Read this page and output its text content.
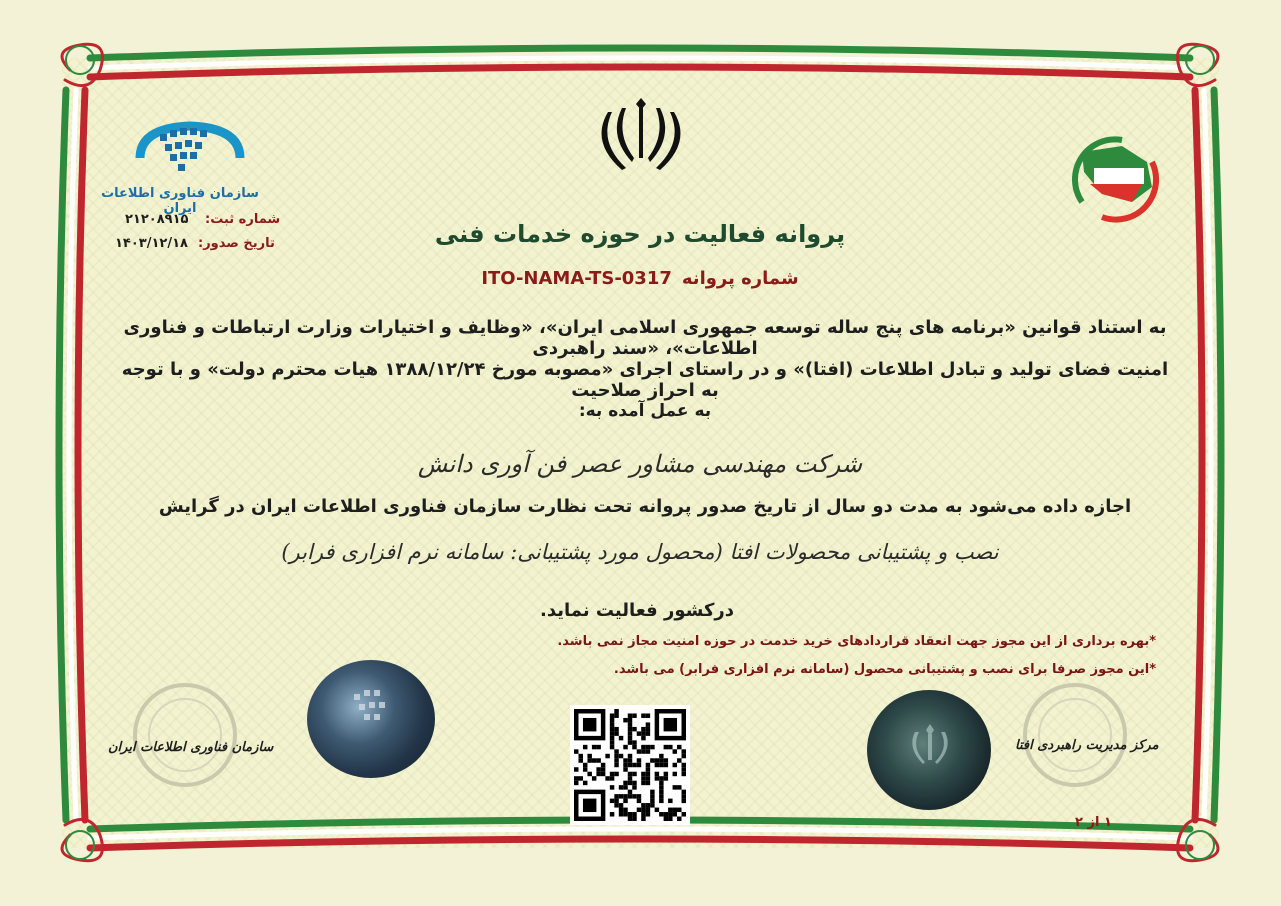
سازمان فناوری اطلاعات ایران
شماره ثبت:
۲۱۲۰۸۹۱۵
تاریخ صدور:
۱۴۰۳/۱۲/۱۸	پروانه فعالیت در حوزه خدمات فنی
شماره پروانهITO-NAMA-TS-0317
به استناد قوانین «برنامه های پنج ساله توسعه جمهوری اسلامی ایران»، «وظایف و اختیارات وزارت ارتباطات و فناوری اطلاعات»، «سند راهبردی
امنیت فضای تولید و تبادل اطلاعات (افتا)» و در راستای اجرای «مصوبه مورخ ۱۳۸۸/۱۲/۲۴ هیات محترم دولت» و با توجه به احراز صلاحیت
به عمل آمده به:
شرکت مهندسی مشاور عصر فن آوری دانش
اجازه داده می‌شود به مدت دو سال از تاریخ صدور پروانه تحت نظارت سازمان فناوری اطلاعات ایران در گرایش
نصب و پشتیبانی محصولات افتا (محصول مورد پشتیبانی: سامانه نرم افزاری فرابر)
درکشور فعالیت نماید.
*بهره برداری از این مجوز جهت انعقاد قراردادهای خرید خدمت در حوزه امنیت مجاز نمی باشد.
*این مجوز صرفا برای نصب و پشتیبانی محصول (سامانه نرم افزاری فرابر) می باشد.
سازمان فناوری اطلاعات ایران	مرکز مدیریت راهبردی افتا
۱ از ۲
